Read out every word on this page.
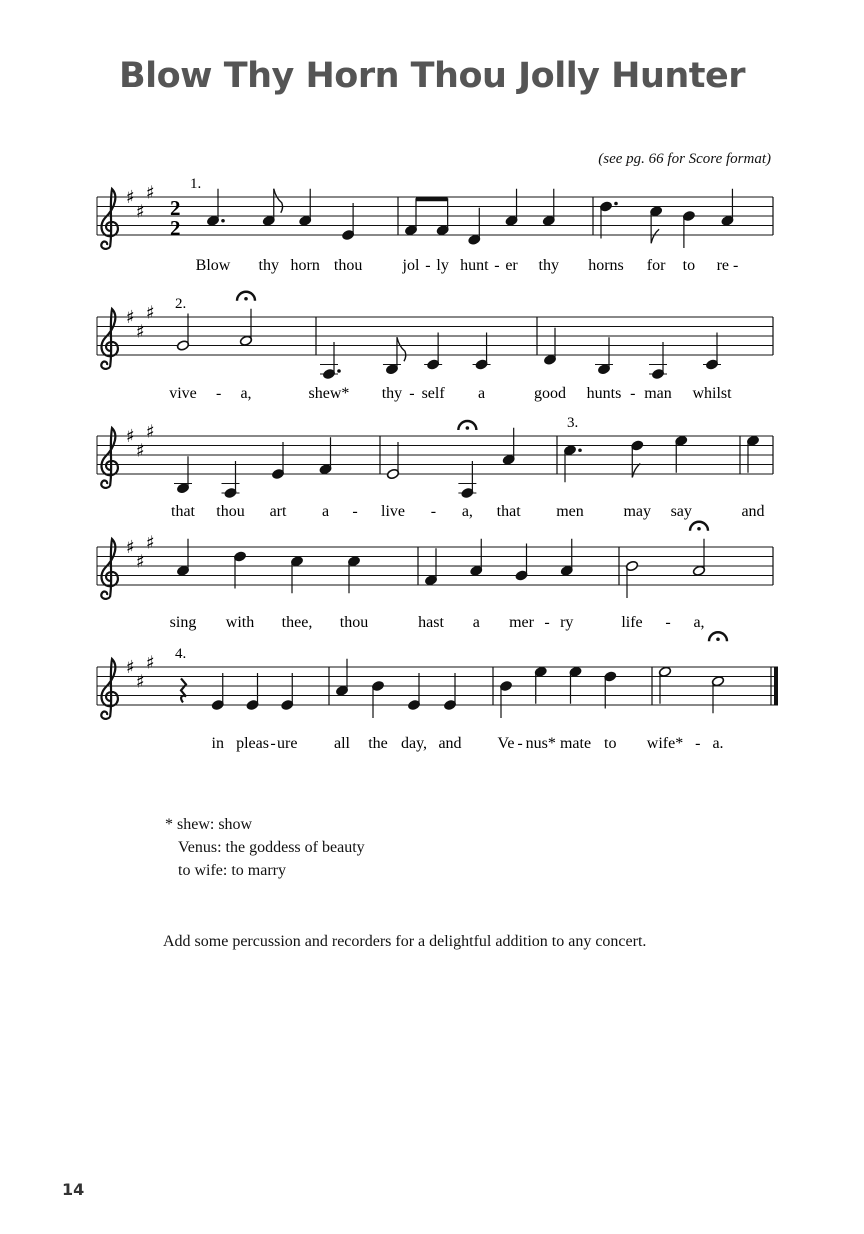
Blow Thy Horn Thou Jolly Hunter
(see pg. 66 for Score format)
♯
♯
♯
2
2
1.
Blow thy horn thou	jol - ly hunt - er thy horns for to re -
♯
♯
♯ 2.
vive - a,	shew* thy - self a	good hunts - man whilst
♯
♯
♯	3.
that thou art a - live - a, that men may say	and
♯
♯
♯
sing with thee, thou	hast a mer - ry	life - a,
♯
♯
♯ 4.
in pleas - ure all the day, and Ve - nus* mate to wife* - a.
* shew: show
Venus: the goddess of beauty
to wife: to marry
Add some percussion and recorders for a delightful addition to any concert.
14
